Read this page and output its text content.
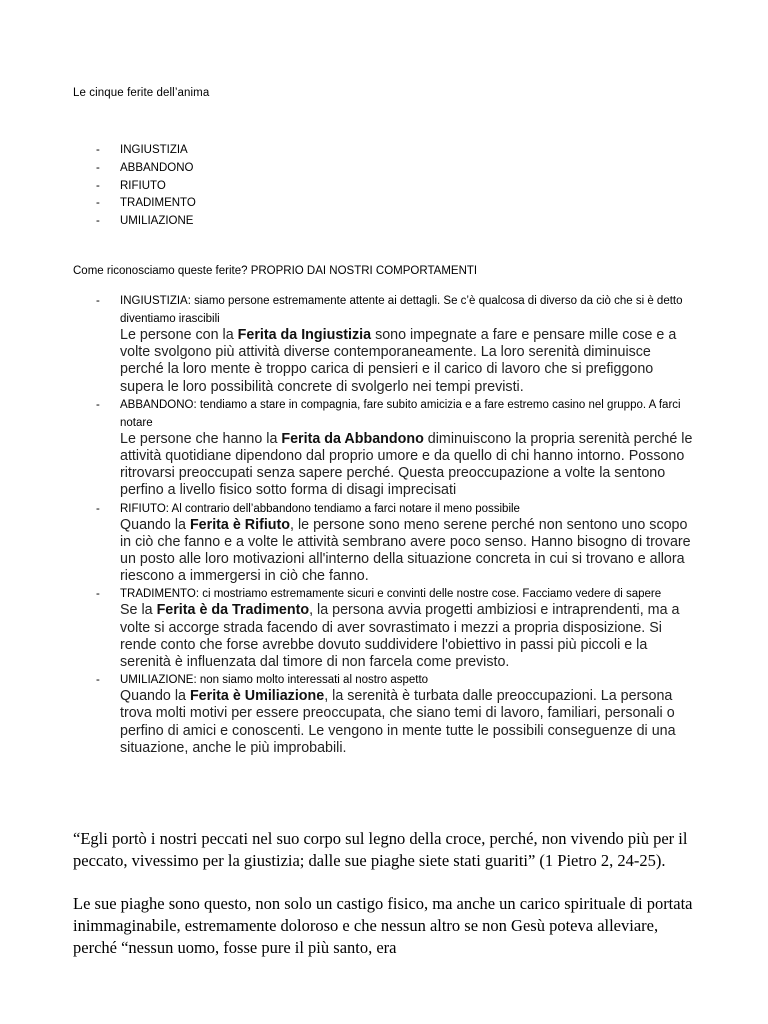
Le cinque ferite dell’anima
- INGIUSTIZIA
- ABBANDONO
- RIFIUTO
- TRADIMENTO
- UMILIAZIONE
Come riconosciamo queste ferite? PROPRIO DAI NOSTRI COMPORTAMENTI
- INGIUSTIZIA: siamo persone estremamente attente ai dettagli. Se c’è qualcosa di diverso da ciò che si è detto diventiamo irascibili
Le persone con la Ferita da Ingiustizia sono impegnate a fare e pensare mille cose e a volte svolgono più attività diverse contemporaneamente. La loro serenità diminuisce perché la loro mente è troppo carica di pensieri e il carico di lavoro che si prefiggono supera le loro possibilità concrete di svolgerlo nei tempi previsti.
- ABBANDONO: tendiamo a stare in compagnia, fare subito amicizia e a fare estremo casino nel gruppo. A farci notare
Le persone che hanno la Ferita da Abbandono diminuiscono la propria serenità perché le attività quotidiane dipendono dal proprio umore e da quello di chi hanno intorno. Possono ritrovarsi preoccupati senza sapere perché. Questa preoccupazione a volte la sentono perfino a livello fisico sotto forma di disagi imprecisati
- RIFIUTO: Al contrario dell’abbandono tendiamo a farci notare il meno possibile
Quando la Ferita è Rifiuto, le persone sono meno serene perché non sentono uno scopo in ciò che fanno e a volte le attività sembrano avere poco senso. Hanno bisogno di trovare un posto alle loro motivazioni all'interno della situazione concreta in cui si trovano e allora riescono a immergersi in ciò che fanno.
- TRADIMENTO: ci mostriamo estremamente sicuri e convinti delle nostre cose. Facciamo vedere di sapere
Se la Ferita è da Tradimento, la persona avvia progetti ambiziosi e intraprendenti, ma a volte si accorge strada facendo di aver sovrastimato i mezzi a propria disposizione. Si rende conto che forse avrebbe dovuto suddividere l'obiettivo in passi più piccoli e la serenità è influenzata dal timore di non farcela come previsto.
- UMILIAZIONE: non siamo molto interessati al nostro aspetto
Quando la Ferita è Umiliazione, la serenità è turbata dalle preoccupazioni. La persona trova molti motivi per essere preoccupata, che siano temi di lavoro, familiari, personali o perfino di amici e conoscenti. Le vengono in mente tutte le possibili conseguenze di una situazione, anche le più improbabili.
“Egli portò i nostri peccati nel suo corpo sul legno della croce, perché, non vivendo più per il peccato, vivessimo per la giustizia; dalle sue piaghe siete stati guariti” (1 Pietro 2, 24-25).
Le sue piaghe sono questo, non solo un castigo fisico, ma anche un carico spirituale di portata inimmaginabile, estremamente doloroso e che nessun altro se non Gesù poteva alleviare, perché “nessun uomo, fosse pure il più santo, era
